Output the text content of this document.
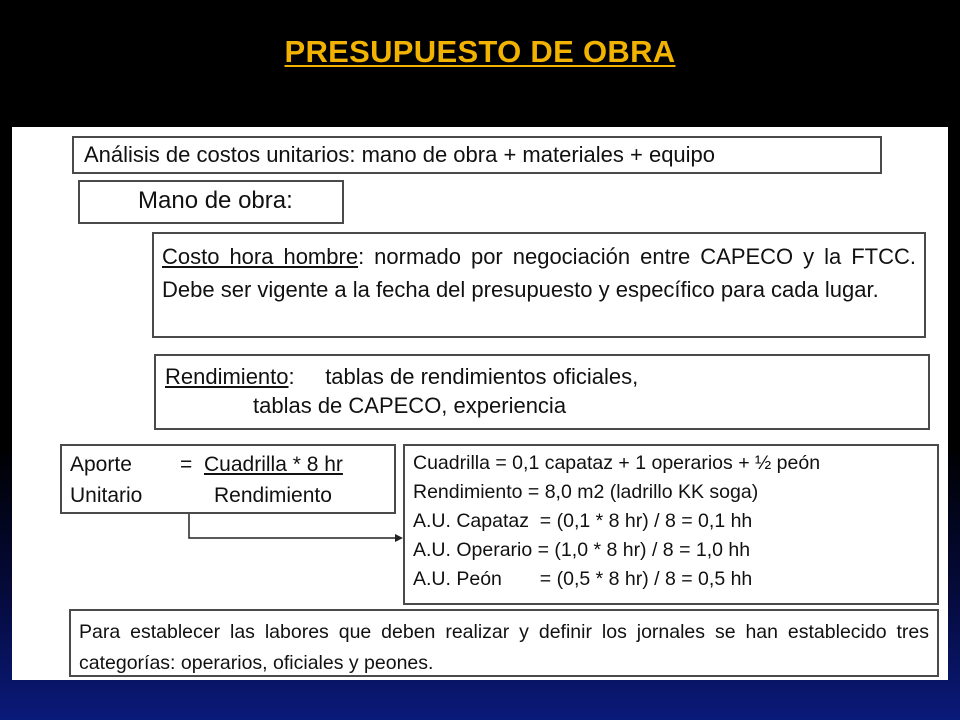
PRESUPUESTO DE OBRA
Análisis de costos unitarios: mano de obra + materiales + equipo
Mano de obra:
Costo hora hombre: normado por negociación entre CAPECO y la FTCC. Debe ser vigente a la fecha del presupuesto y específico para cada lugar.
Rendimiento:     tablas de rendimientos oficiales,
tablas de CAPECO, experiencia
Aporte = Cuadrilla * 8 hr
Unitario	Rendimiento
Cuadrilla = 0,1 capataz + 1 operarios + ½ peón
Rendimiento = 8,0 m2 (ladrillo KK soga)
A.U. Capataz  = (0,1 * 8 hr) / 8 = 0,1 hh
A.U. Operario = (1,0 * 8 hr) / 8 = 1,0 hh
A.U. Peón       = (0,5 * 8 hr) / 8 = 0,5 hh
Para establecer las labores que deben realizar y definir los jornales se han establecido tres categorías: operarios, oficiales y peones.
